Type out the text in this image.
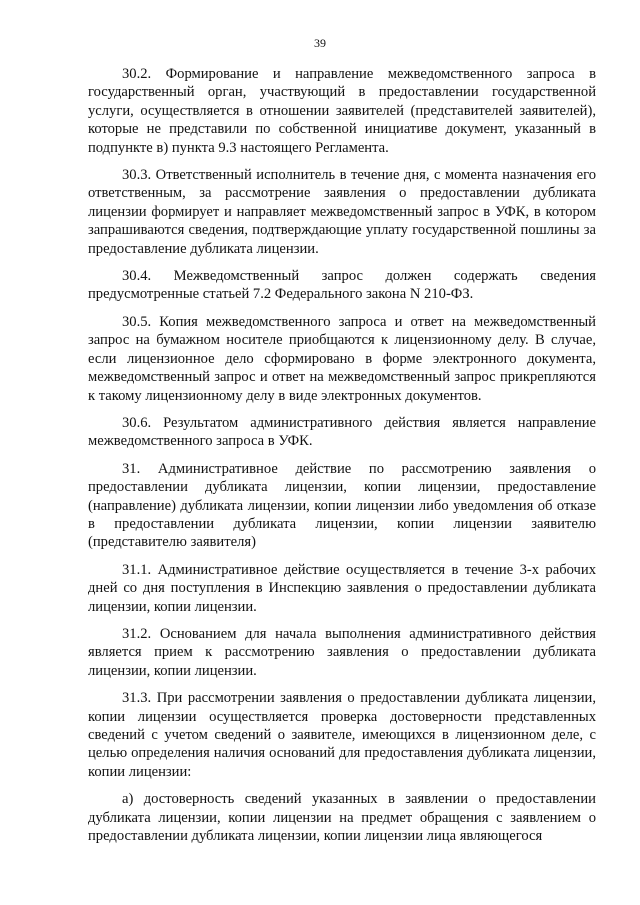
39

30.2. Формирование и направление межведомственного запроса в государственный орган, участвующий в предоставлении государственной услуги, осуществляется в отношении заявителей (представителей заявителей), которые не представили по собственной инициативе документ, указанный в подпункте в) пункта 9.3 настоящего Регламента.

30.3. Ответственный исполнитель в течение дня, с момента назначения его ответственным, за рассмотрение заявления о предоставлении дубликата лицензии формирует и направляет межведомственный запрос в УФК, в котором запрашиваются сведения, подтверждающие уплату государственной пошлины за предоставление дубликата лицензии.

30.4. Межведомственный запрос должен содержать сведения предусмотренные статьей 7.2 Федерального закона N 210-ФЗ.

30.5. Копия межведомственного запроса и ответ на межведомственный запрос на бумажном носителе приобщаются к лицензионному делу. В случае, если лицензионное дело сформировано в форме электронного документа, межведомственный запрос и ответ на межведомственный запрос прикрепляются к такому лицензионному делу в виде электронных документов.

30.6. Результатом административного действия является направление межведомственного запроса в УФК.

31. Административное действие по рассмотрению заявления о предоставлении дубликата лицензии, копии лицензии, предоставление (направление) дубликата лицензии, копии лицензии либо уведомления об отказе в предоставлении дубликата лицензии, копии лицензии заявителю (представителю заявителя)

31.1. Административное действие осуществляется в течение 3-х рабочих дней со дня поступления в Инспекцию заявления о предоставлении дубликата лицензии, копии лицензии.

31.2. Основанием для начала выполнения административного действия является прием к рассмотрению заявления о предоставлении дубликата лицензии, копии лицензии.

31.3. При рассмотрении заявления о предоставлении дубликата лицензии, копии лицензии осуществляется проверка достоверности представленных сведений с учетом сведений о заявителе, имеющихся в лицензионном деле, с целью определения наличия оснований для предоставления дубликата лицензии, копии лицензии:

а) достоверность сведений указанных в заявлении о предоставлении дубликата лицензии, копии лицензии на предмет обращения с заявлением о предоставлении дубликата лицензии, копии лицензии лица являющегося
